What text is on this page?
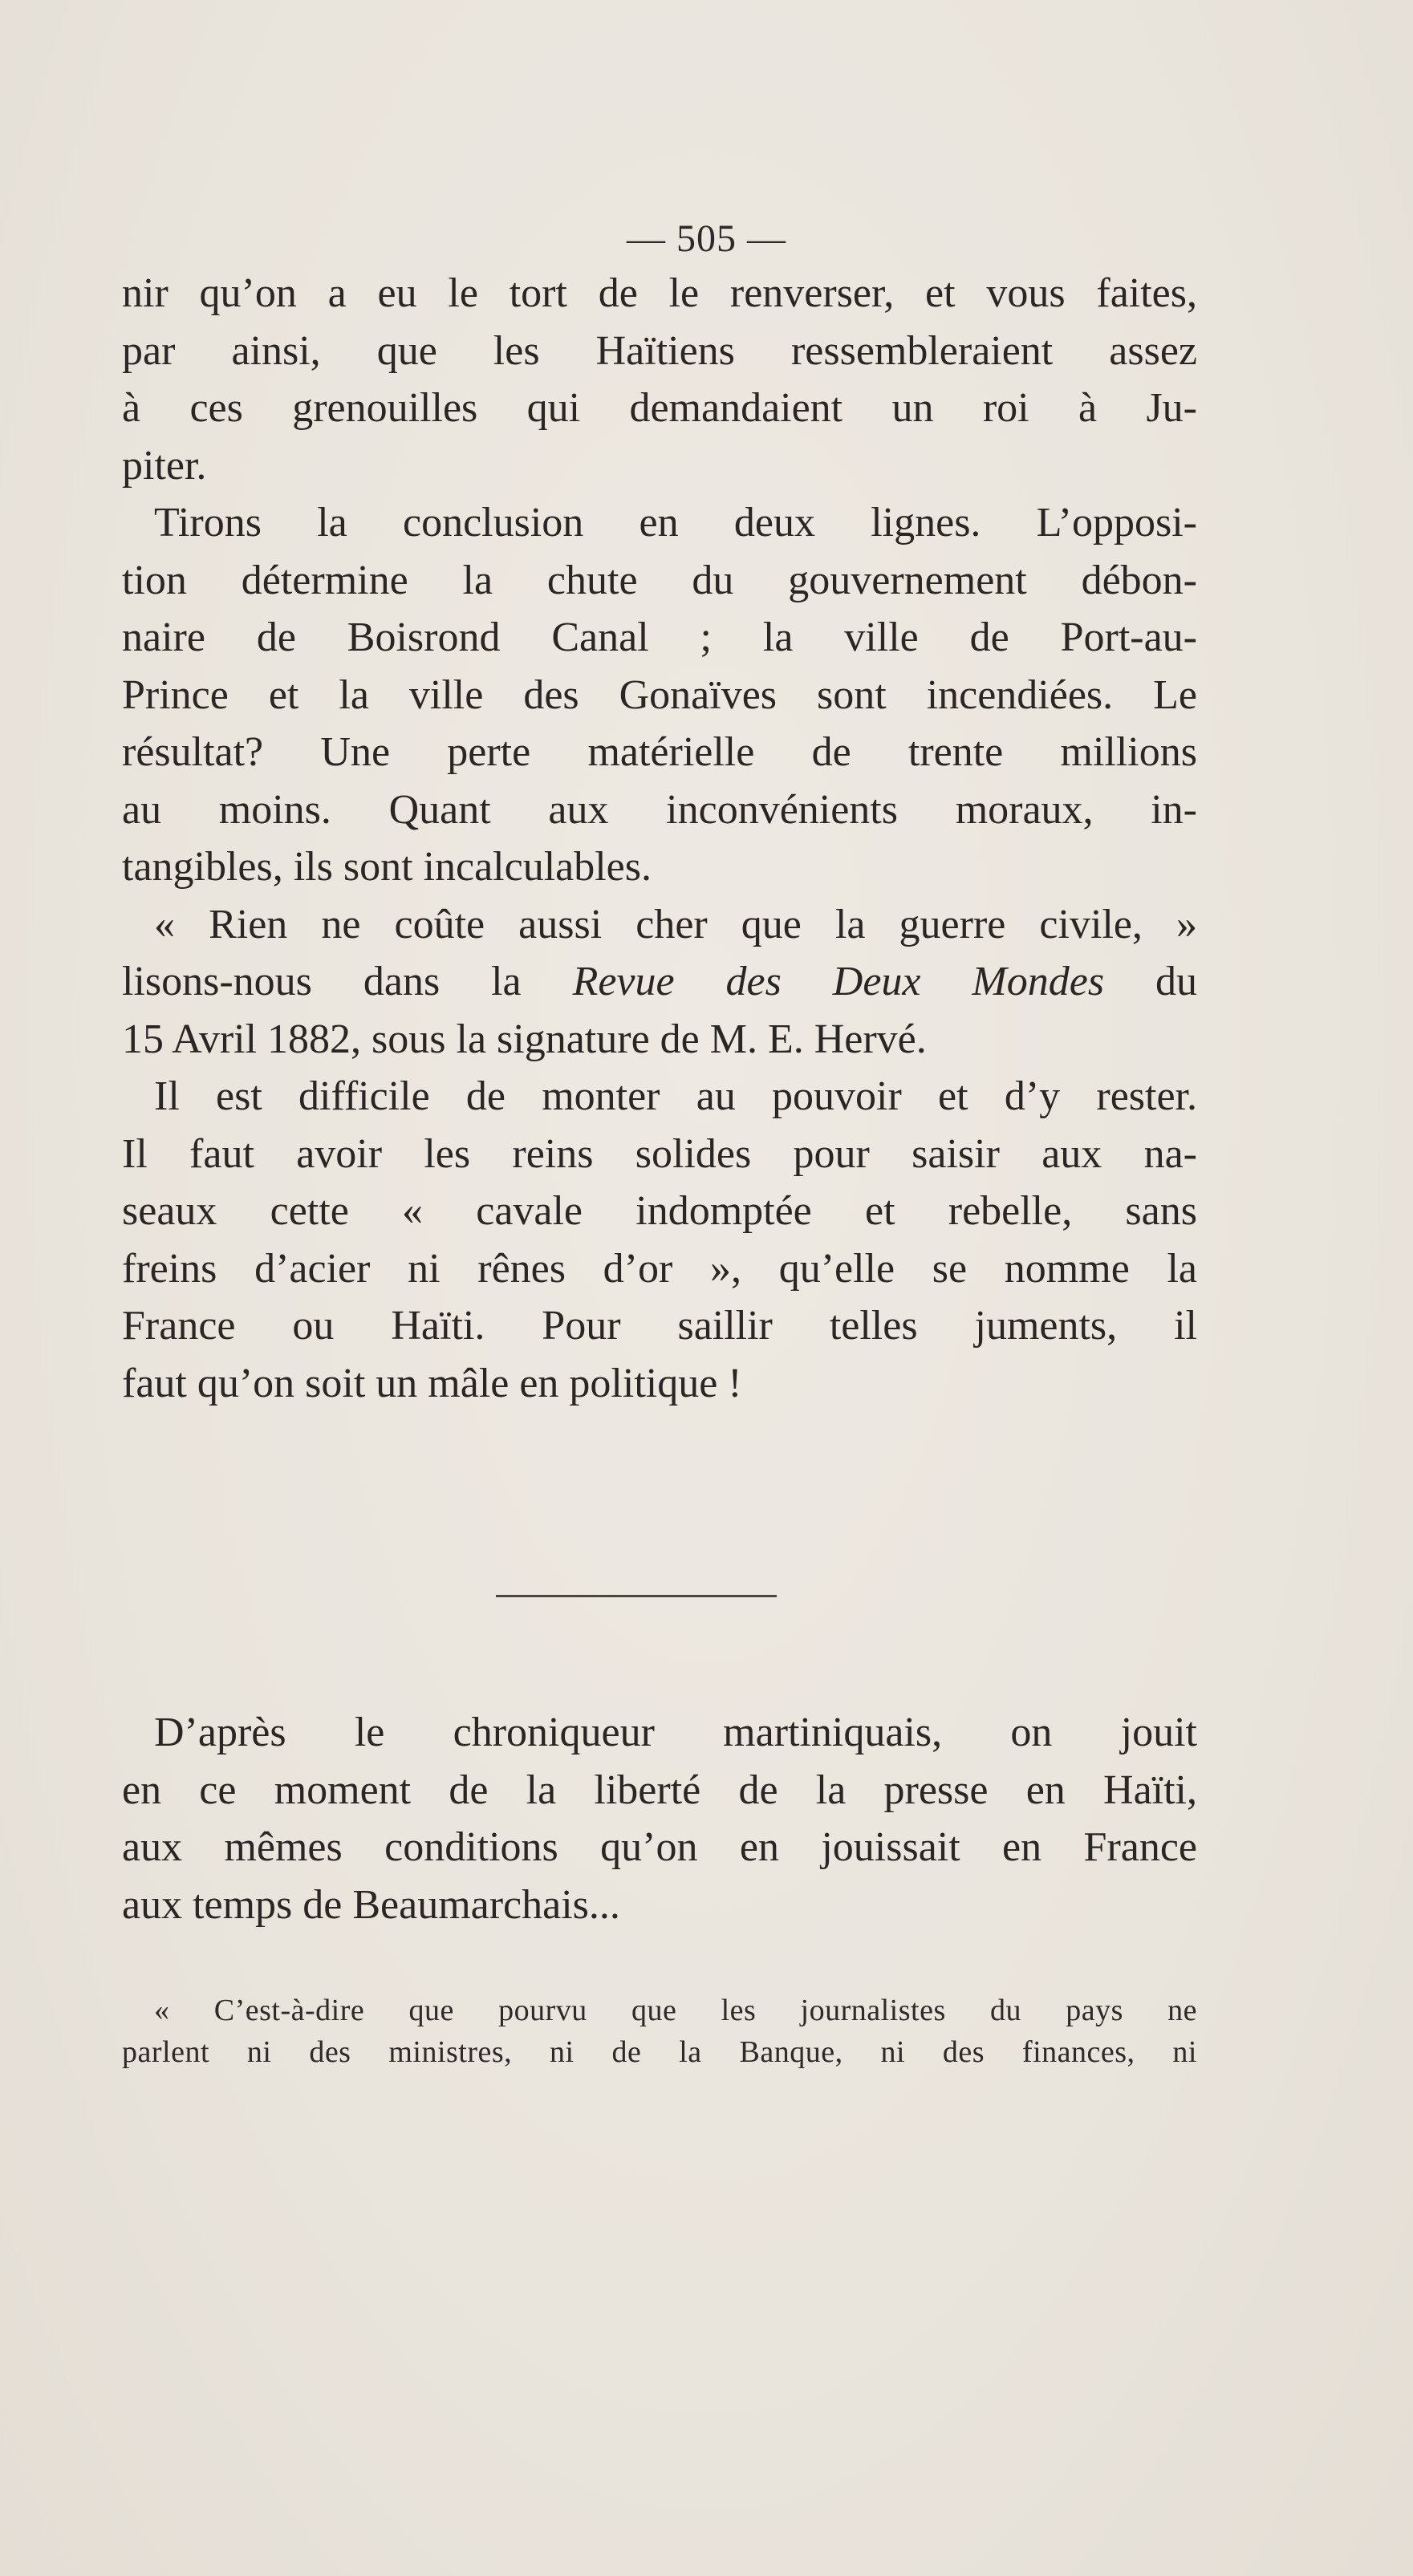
— 505 —
nir qu’on a eu le tort de le renverser, et vous faites,
par ainsi, que les Haïtiens ressembleraient assez
à ces grenouilles qui demandaient un roi à Ju-
piter.
Tirons la conclusion en deux lignes. L’opposi-
tion détermine la chute du gouvernement débon-
naire de Boisrond Canal ; la ville de Port-au-
Prince et la ville des Gonaïves sont incendiées. Le
résultat? Une perte matérielle de trente millions
au moins. Quant aux inconvénients moraux, in-
tangibles, ils sont incalculables.
« Rien ne coûte aussi cher que la guerre civile, »
lisons-nous dans la Revue des Deux Mondes du
15 Avril 1882, sous la signature de M. E. Hervé.
Il est difficile de monter au pouvoir et d’y rester.
Il faut avoir les reins solides pour saisir aux na-
seaux cette « cavale indomptée et rebelle, sans
freins d’acier ni rênes d’or », qu’elle se nomme la
France ou Haïti. Pour saillir telles juments, il
faut qu’on soit un mâle en politique !
D’après le chroniqueur martiniquais, on jouit
en ce moment de la liberté de la presse en Haïti,
aux mêmes conditions qu’on en jouissait en France
aux temps de Beaumarchais...
« C’est-à-dire que pourvu que les journalistes du pays ne
parlent ni des ministres, ni de la Banque, ni des finances, ni
